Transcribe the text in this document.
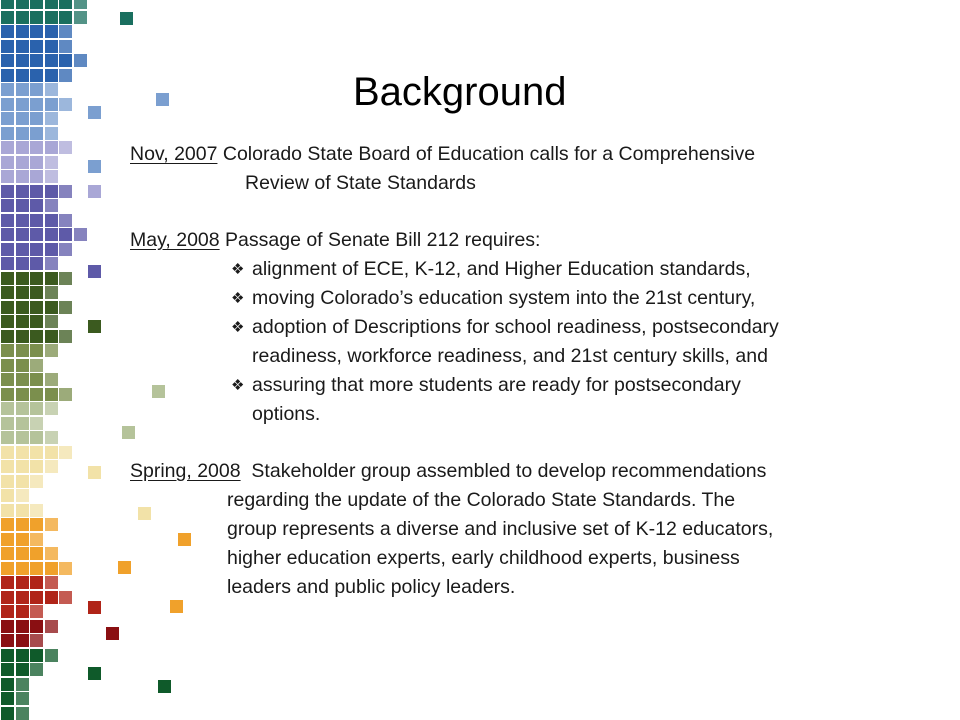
Background
Nov, 2007 Colorado State Board of Education calls for a Comprehensive
Review of State Standards
May, 2008 Passage of Senate Bill 212 requires:
❖ alignment of ECE, K-12, and Higher Education standards,
❖ moving Colorado’s education system into the 21st century,
❖ adoption of Descriptions for school readiness, postsecondary
readiness, workforce readiness, and 21st century skills, and
❖ assuring that more students are ready for postsecondary
options.
Spring, 2008  Stakeholder group assembled to develop recommendations
regarding the update of the Colorado State Standards. The
group represents a diverse and inclusive set of K-12 educators,
higher education experts, early childhood experts, business
leaders and public policy leaders.
